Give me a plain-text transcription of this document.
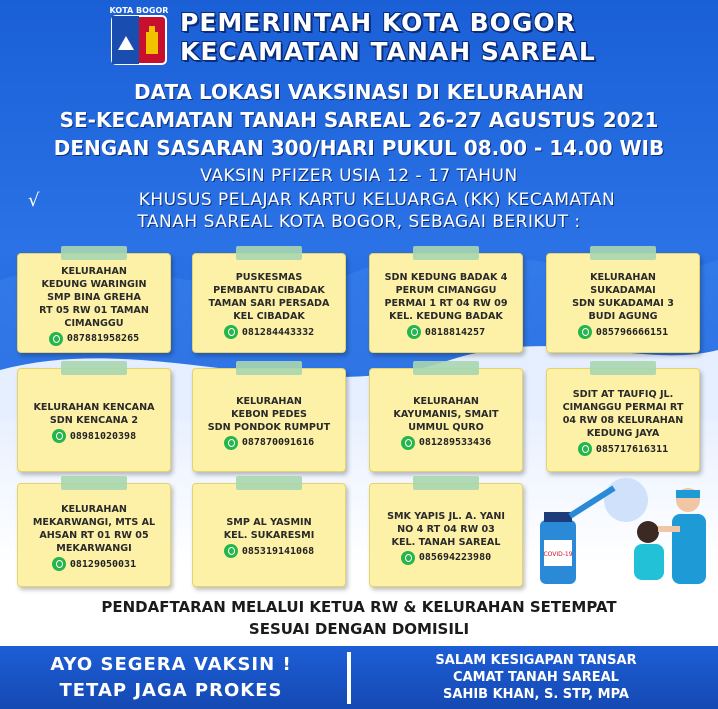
KOTA BOGOR PEMERINTAH KOTA BOGOR
KECAMATAN TANAH SAREAL
DATA LOKASI VAKSINASI DI KELURAHAN
SE-KECAMATAN TANAH SAREAL 26-27 AGUSTUS 2021
DENGAN SASARAN 300/HARI PUKUL 08.00 - 14.00 WIB
VAKSIN PFIZER USIA 12 - 17 TAHUN
√	KHUSUS PELAJAR KARTU KELUARGA (KK) KECAMATAN
TANAH SAREAL KOTA BOGOR, SEBAGAI BERIKUT :
KELURAHAN
KEDUNG WARINGIN
SMP BINA GREHA
RT 05 RW 01 TAMAN
CIMANGGU
087881958265
PUSKESMAS
PEMBANTU CIBADAK
TAMAN SARI PERSADA
KEL CIBADAK
081284443332
SDN KEDUNG BADAK 4
PERUM CIMANGGU
PERMAI 1 RT 04 RW 09
KEL. KEDUNG BADAK
0818814257
KELURAHAN
SUKADAMAI
SDN SUKADAMAI 3
BUDI AGUNG
085796666151
KELURAHAN KENCANA
SDN KENCANA 2
08981020398
KELURAHAN
KEBON PEDES
SDN PONDOK RUMPUT
087870091616
KELURAHAN
KAYUMANIS, SMAIT
UMMUL QURO
081289533436
SDIT AT TAUFIQ JL.
CIMANGGU PERMAI RT
04 RW 08 KELURAHAN
KEDUNG JAYA
085717616311
KELURAHAN
MEKARWANGI, MTS AL
AHSAN RT 01 RW 05
MEKARWANGI
08129050031
SMP AL YASMIN
KEL. SUKARESMI
085319141068
SMK YAPIS JL. A. YANI
NO 4 RT 04 RW 03
KEL. TANAH SAREAL
085694223980	COVID-19
PENDAFTARAN MELALUI KETUA RW & KELURAHAN SETEMPAT
SESUAI DENGAN DOMISILI
AYO SEGERA VAKSIN !
TETAP JAGA PROKES
SALAM KESIGAPAN TANSAR
CAMAT TANAH SAREAL
SAHIB KHAN, S. STP, MPA
